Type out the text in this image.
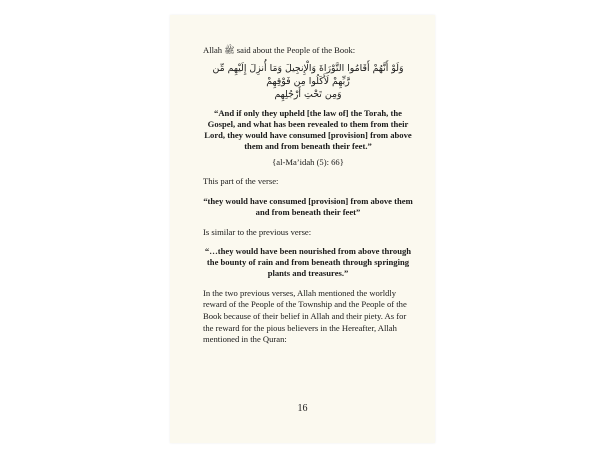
Allah ﷺ said about the People of the Book:

وَلَوْ أَنَّهُمْ أَقَامُوا التَّوْرَاةَ وَالْإِنجِيلَ وَمَا أُنزِلَ إِلَيْهِم مِّن رَّبِّهِمْ لَأَكَلُوا مِن فَوْقِهِمْ
وَمِن تَحْتِ أَرْجُلِهِم

“And if only they upheld [the law of] the Torah, the Gospel, and what has been revealed to them from their Lord, they would have consumed [provision] from above them and from beneath their feet.”

{al-Ma’idah (5): 66}

This part of the verse:

“they would have consumed [provision] from above them and from beneath their feet”

Is similar to the previous verse:

“…they would have been nourished from above through the bounty of rain and from beneath through springing plants and treasures.”

In the two previous verses, Allah mentioned the worldly reward of the People of the Township and the People of the Book because of their belief in Allah and their piety. As for the reward for the pious believers in the Hereafter, Allah mentioned in the Quran:

16
